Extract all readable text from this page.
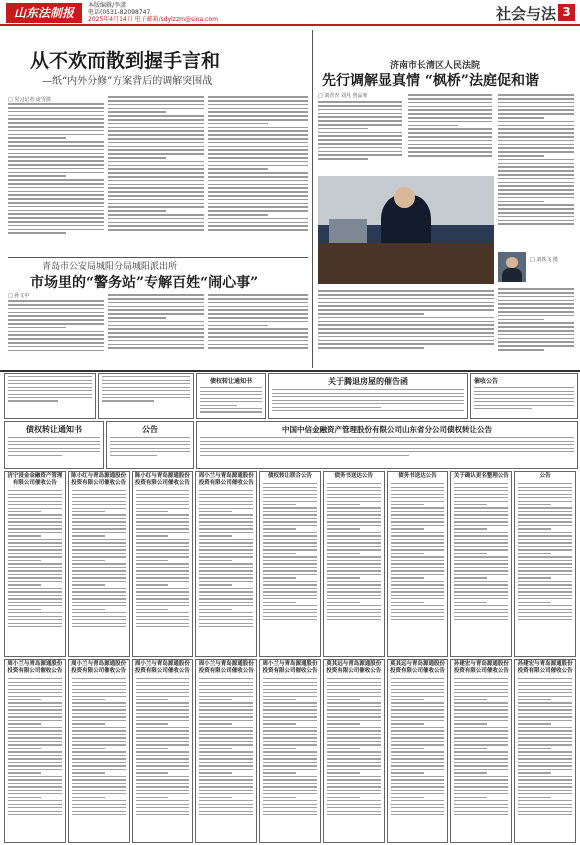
山东法制报
本版编辑/李潇
电话(0531-82098747
2025年4月14日 电子邮箱/sdylzzm@sina.com	社会与法 3
从不欢而散到握手言和
—纸“内外分修”方案背后的调解突围战
□ 见习记者 庞雪倩
济南市长清区人民法院
先行调解显真情 “枫桥”法庭促和谐
□ 刘青青 刘丹 鲁品寒
□ 刘铁飞 摄
青岛市公安局城阳分局城阳派出所
市场里的“警务站”专解百姓“闹心事”
□ 孙文中
债权转让通知书	关于腾退房屋的催告函	催收公告
中国中信金融资产管理股份有限公司山东省分公司债权转让公告
债权转让通知书	公告
济宁浸金金融资产管理有限公司催收公告
陈小红与青岛源通股份投资有限公司催收公告
陈小红与青岛源通股份投资有限公司催收公告
周小兰与青岛源通股份投资有限公司催收公告
债权转让联合公告	债务书送达公告	债务书送达公告	关于确认更名整理公告	公告
周小兰与青岛源通股份投资有限公司催收公告
周小兰与青岛源通股份投资有限公司催收公告
周小兰与青岛源通股份投资有限公司催收公告
周小兰与青岛源通股份投资有限公司催收公告
周小兰与青岛源通股份投资有限公司催收公告
莫其远与青岛源通股份投资有限公司催收公告
莫其远与青岛源通股份投资有限公司催收公告
孙建宏与青岛源通股份投资有限公司催收公告
孙建宏与青岛源通股份投资有限公司催收公告
